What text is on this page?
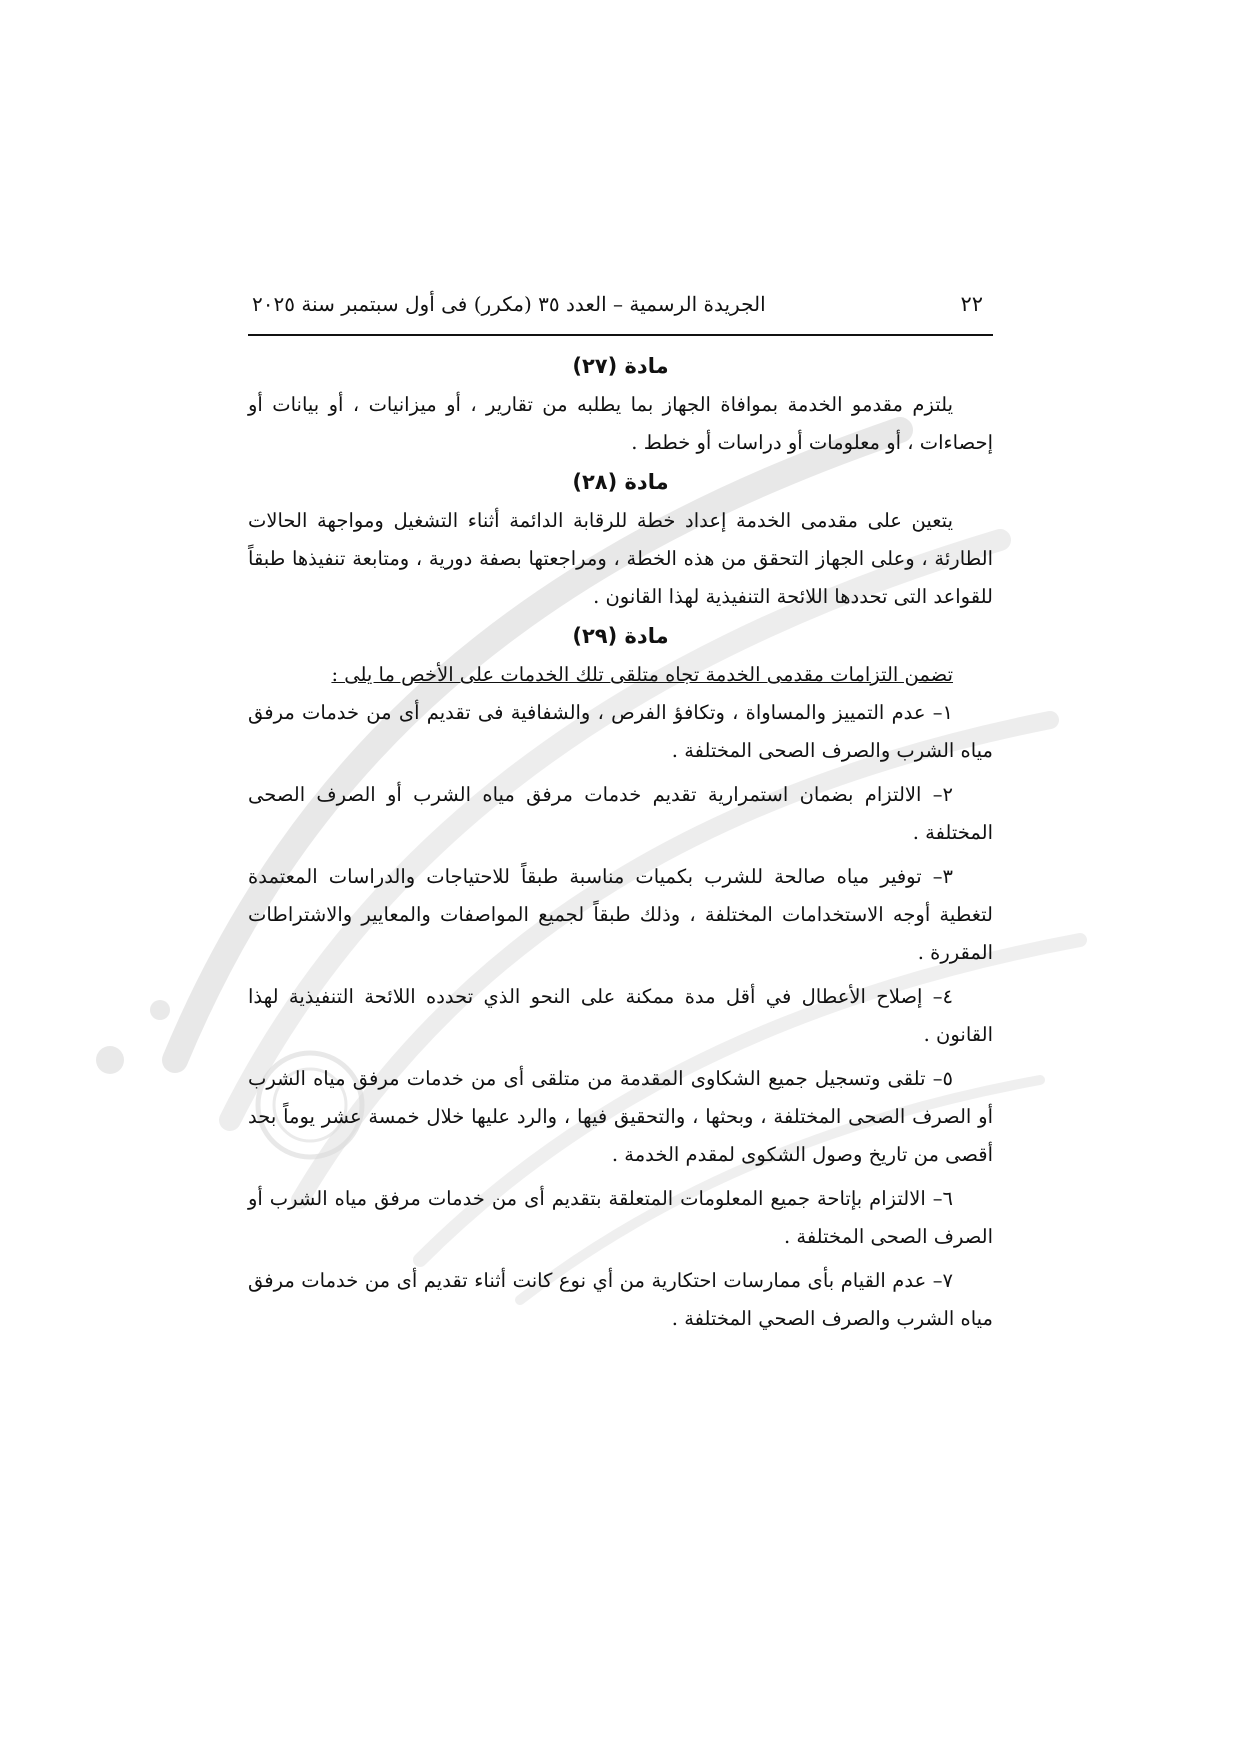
٢٢
الجريدة الرسمية – العدد ٣٥ (مكرر) فى أول سبتمبر سنة ٢٠٢٥
مادة (٢٧)

يلتزم مقدمو الخدمة بموافاة الجهاز بما يطلبه من تقارير ، أو ميزانيات ، أو بيانات أو إحصاءات ، أو معلومات أو دراسات أو خطط .

مادة (٢٨)

يتعين على مقدمى الخدمة إعداد خطة للرقابة الدائمة أثناء التشغيل ومواجهة الحالات الطارئة ، وعلى الجهاز التحقق من هذه الخطة ، ومراجعتها بصفة دورية ، ومتابعة تنفيذها طبقاً للقواعد التى تحددها اللائحة التنفيذية لهذا القانون .

مادة (٢٩)

تضمن التزامات مقدمى الخدمة تجاه متلقى تلك الخدمات على الأخص ما يلى :

١– عدم التمييز والمساواة ، وتكافؤ الفرص ، والشفافية فى تقديم أى من خدمات مرفق مياه الشرب والصرف الصحى المختلفة .

٢– الالتزام بضمان استمرارية تقديم خدمات مرفق مياه الشرب أو الصرف الصحى المختلفة .

٣– توفير مياه صالحة للشرب بكميات مناسبة طبقاً للاحتياجات والدراسات المعتمدة لتغطية أوجه الاستخدامات المختلفة ، وذلك طبقاً لجميع المواصفات والمعايير والاشتراطات المقررة .

٤– إصلاح الأعطال في أقل مدة ممكنة على النحو الذي تحدده اللائحة التنفيذية لهذا القانون .

٥– تلقى وتسجيل جميع الشكاوى المقدمة من متلقى أى من خدمات مرفق مياه الشرب أو الصرف الصحى المختلفة ، وبحثها ، والتحقيق فيها ، والرد عليها خلال خمسة عشر يوماً بحد أقصى من تاريخ وصول الشكوى لمقدم الخدمة .

٦– الالتزام بإتاحة جميع المعلومات المتعلقة بتقديم أى من خدمات مرفق مياه الشرب أو الصرف الصحى المختلفة .

٧– عدم القيام بأى ممارسات احتكارية من أي نوع كانت أثناء تقديم أى من خدمات مرفق مياه الشرب والصرف الصحي المختلفة .
